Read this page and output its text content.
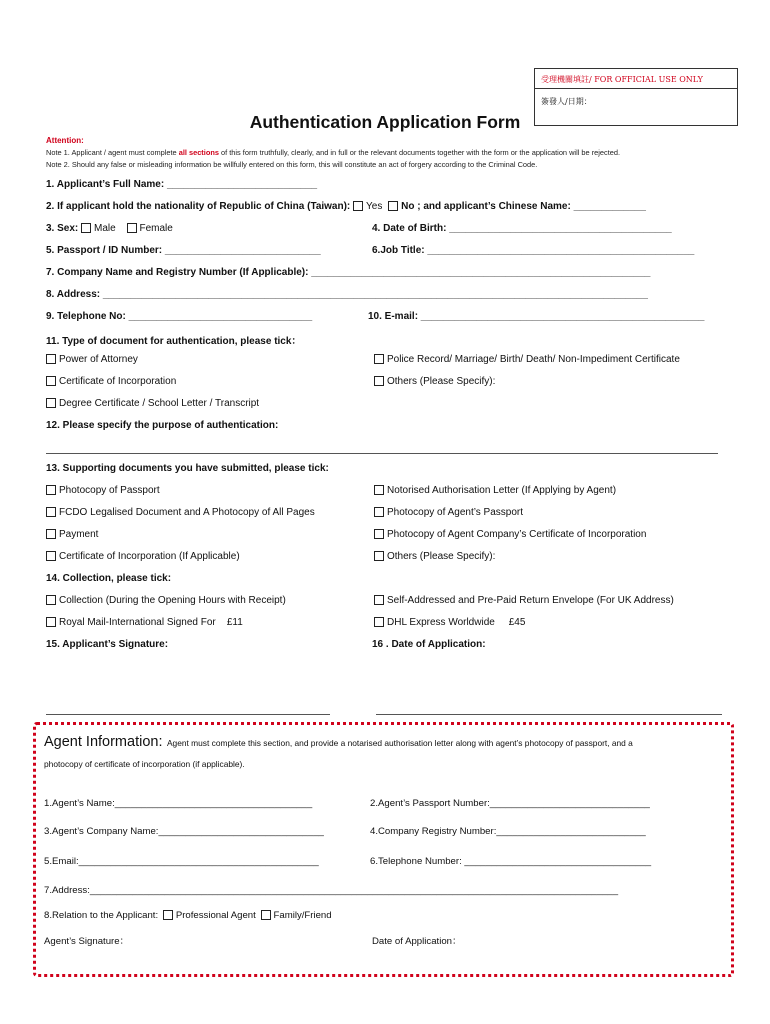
受理機關填註/ FOR OFFICIAL USE ONLY
簽發人/日期：
Authentication Application Form
Attention:
Note 1. Applicant / agent must complete all sections of this form truthfully, clearly, and in full or the relevant documents together with the form or the application will be rejected.
Note 2. Should any false or misleading information be willfully entered on this form, this will constitute an act of forgery according to the Criminal Code.
1. Applicant’s Full Name: ___________________________
2. If applicant hold the nationality of Republic of China (Taiwan): Yes No ; and applicant’s Chinese Name: _____________
3. Sex: Male Female	4. Date of Birth: ________________________________________
5. Passport / ID Number: ____________________________	6.Job Title: ________________________________________________
7. Company Name and Registry Number (If Applicable): _____________________________________________________________
8. Address: __________________________________________________________________________________________________
9. Telephone No: _________________________________	10. E-mail: ___________________________________________________
11. Type of document for authentication, please tick：
Power of Attorney	Police Record/ Marriage/ Birth/ Death/ Non-Impediment Certificate
Certificate of Incorporation	Others (Please Specify):
Degree Certificate / School Letter / Transcript
12. Please specify the purpose of authentication:
13. Supporting documents you have submitted, please tick:
Photocopy of Passport	Notorised Authorisation Letter (If Applying by Agent)
FCDO Legalised Document and A Photocopy of All Pages	Photocopy of Agent’s Passport
Payment	Photocopy of Agent Company’s Certificate of Incorporation
Certificate of Incorporation (If Applicable)	Others (Please Specify):
14. Collection, please tick:
Collection (During the Opening Hours with Receipt)	Self-Addressed and Pre-Paid Return Envelope (For UK Address)
Royal Mail-International Signed For    £11	DHL Express Worldwide     £45
15. Applicant’s Signature:	16 . Date of Application:
Agent Information: Agent must complete this section, and provide a notarised authorisation letter along with agent’s photocopy of passport, and a
photocopy of certificate of incorporation (if applicable).
1.Agent’s Name:_____________________________________	2.Agent’s Passport Number:______________________________
3.Agent’s Company Name:_______________________________	4.Company Registry Number:____________________________
5.Email:_____________________________________________	6.Telephone Number: ___________________________________
7.Address:___________________________________________________________________________________________________
8.Relation to the Applicant: Professional Agent Family/Friend
Agent’s Signature：	Date of Application：
